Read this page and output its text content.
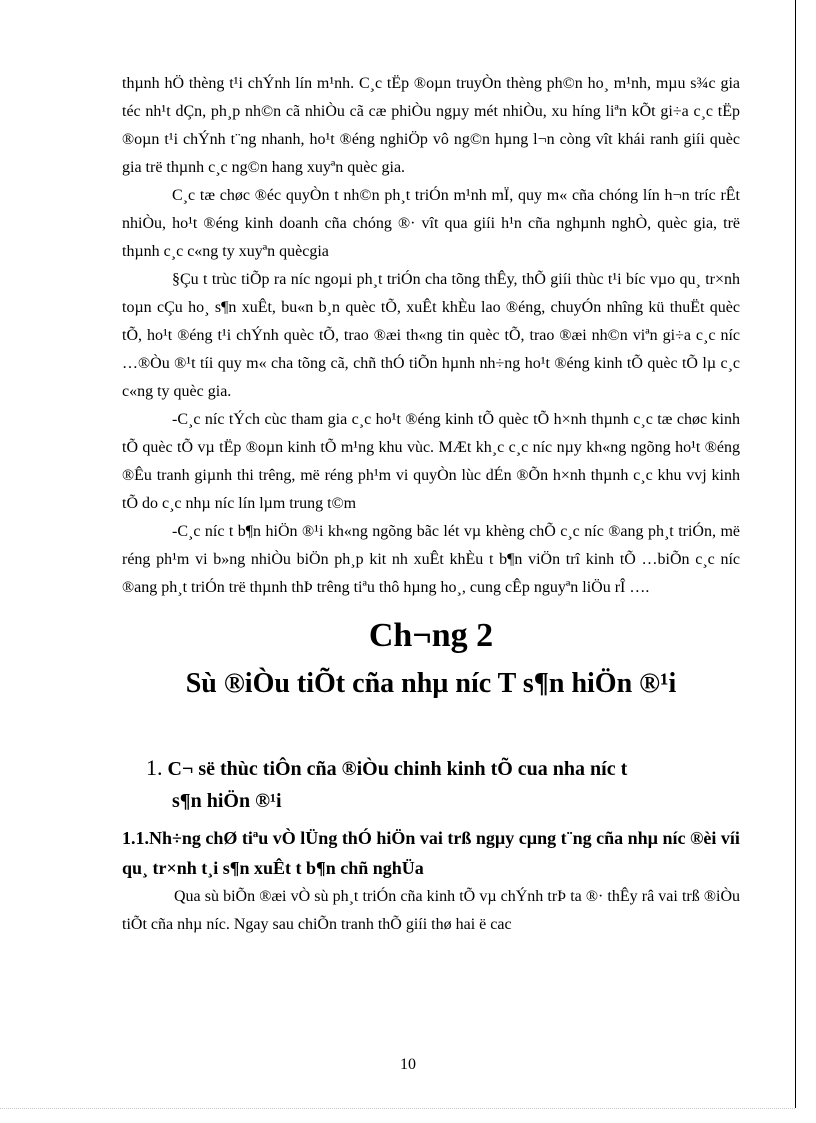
thµnh hÖ thèng t¹i chÝnh lín m¹nh. C¸c tËp ®oµn truyÒn thèng ph©n ho¸ m¹nh, mµu s¾c gia téc nh¹t dÇn, ph¸p nh©n cã nhiÒu cã cæ phiÒu ngµy mét nhiÒu, xu híng liªn kÕt gi÷a c¸c tËp ®oµn t¹i chÝnh t¨ng nhanh, ho¹t ®éng nghiÖp vô ng©n hµng l¬n còng vît khái ranh giíi quèc gia trë thµnh c¸c ng©n hang xuyªn quèc gia.

C¸c tæ chøc ®éc quyÒn t nh©n ph¸t triÓn m¹nh mÏ, quy m« cña chóng lín h¬n tríc rÊt nhiÒu, ho¹t ®éng kinh doanh cña chóng ®· vît qua giíi h¹n cña nghµnh nghÒ, quèc gia, trë thµnh c¸c c«ng ty xuyªn quècgia

§Çu t trùc tiÕp ra níc ngoµi ph¸t triÓn cha tõng thÊy, thÕ giíi thùc t¹i bíc vµo qu¸ tr×nh toµn cÇu ho¸ s¶n xuÊt, bu«n b¸n quèc tÕ, xuÊt khÈu lao ®éng, chuyÓn nhîng kü thuËt quèc tÕ, ho¹t ®éng t¹i chÝnh quèc tÕ, trao ®æi th«ng tin quèc tÕ, trao ®æi nh©n viªn gi÷a c¸c níc …®Òu ®¹t tíi quy m« cha tõng cã, chñ thÓ tiÕn hµnh nh÷ng ho¹t ®éng kinh tÕ quèc tÕ lµ c¸c c«ng ty quèc gia.

-C¸c níc tÝch cùc tham gia c¸c ho¹t ®éng kinh tÕ quèc tÕ h×nh thµnh c¸c tæ chøc kinh tÕ quèc tÕ vµ tËp ®oµn kinh tÕ m¹ng khu vùc. MÆt kh¸c c¸c níc nµy kh«ng ngõng ho¹t ®éng ®Êu tranh giµnh thi trêng, më réng ph¹m vi quyÒn lùc dÉn ®Õn h×nh thµnh c¸c khu vvj kinh tÕ do c¸c nhµ níc lín lµm trung t©m

-C¸c níc t b¶n hiÖn ®¹i kh«ng ngõng bãc lét vµ khèng chÕ c¸c níc ®ang ph¸t triÓn, më réng ph¹m vi b»ng nhiÒu biÖn ph¸p kit nh xuÊt khÈu t b¶n viÖn trî kinh tÕ …biÕn c¸c níc ®ang ph¸t triÓn trë thµnh thÞ trêng tiªu thô hµng ho¸, cung cÊp nguyªn liÖu rÎ ….

Ch¬ng 2
Sù ®iÒu tiÕt cña nhµ níc T s¶n hiÖn ®¹i
1. C¬ së thùc tiÔn cña ®iÒu chinh kinh tÕ cua nha níc t
s¶n hiÖn ®¹i
1.1.Nh÷ng chØ tiªu vÒ lÜng thÓ hiÖn vai trß ngµy cµng t¨ng cña nhµ níc ®èi víi qu¸ tr×nh t¸i s¶n xuÊt t b¶n chñ nghÜa

Qua sù biÕn ®æi vÒ sù ph¸t triÓn cña kinh tÕ vµ chÝnh trÞ ta ®· thÊy râ vai trß ®iÒu tiÕt cña nhµ níc. Ngay sau chiÕn tranh thÕ giíi thø hai ë cac

10
